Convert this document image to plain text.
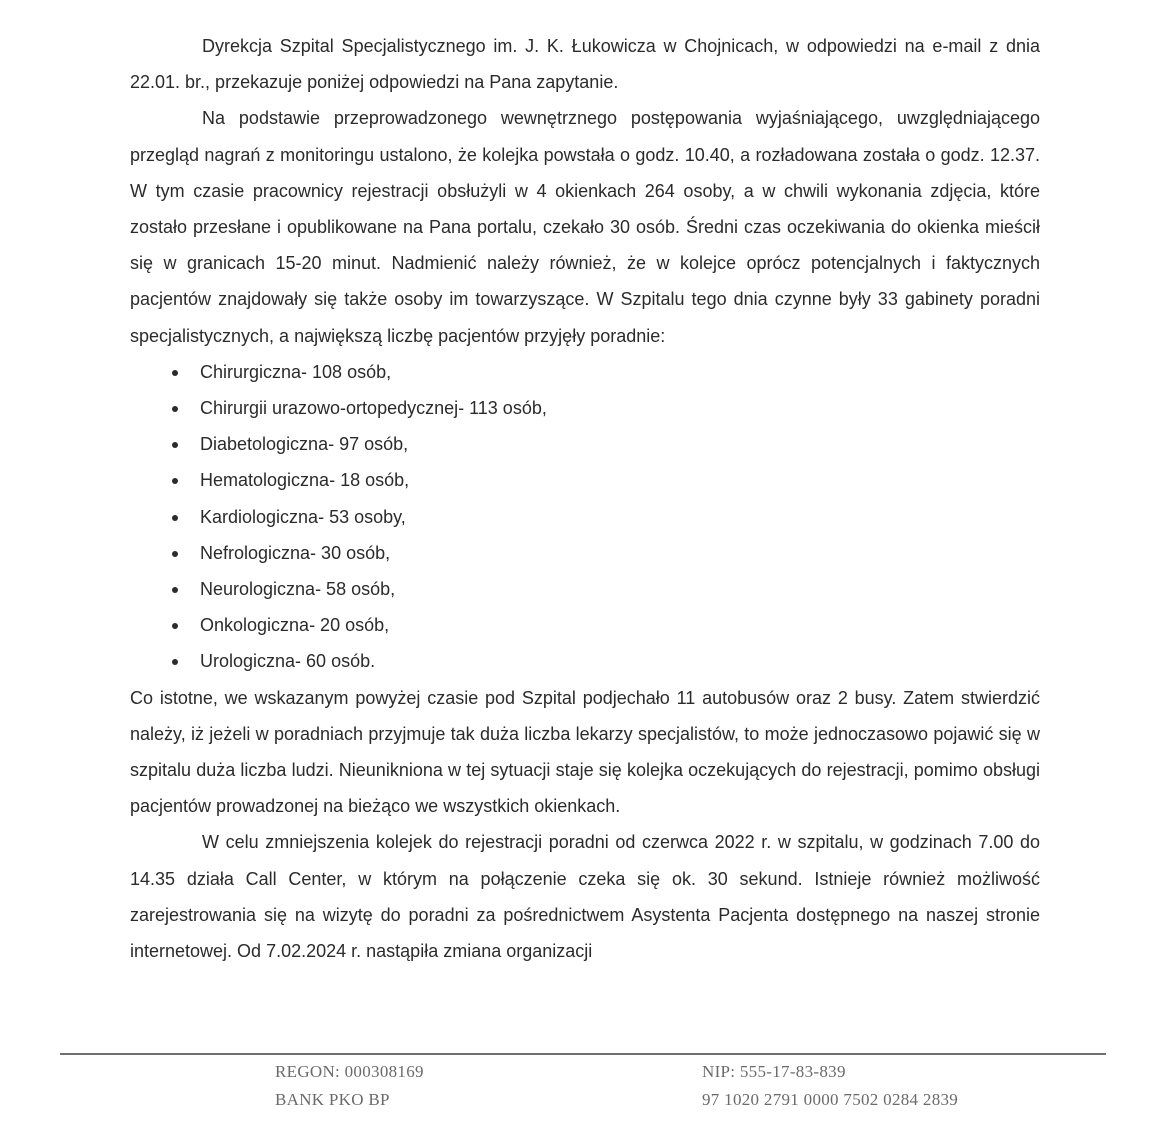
Dyrekcja Szpital Specjalistycznego im. J. K. Łukowicza w Chojnicach, w odpowiedzi na e-mail z dnia 22.01. br., przekazuje poniżej odpowiedzi na Pana zapytanie.

Na podstawie przeprowadzonego wewnętrznego postępowania wyjaśniającego, uwzględniającego przegląd nagrań z monitoringu ustalono, że kolejka powstała o godz. 10.40, a rozładowana została o godz. 12.37. W tym czasie pracownicy rejestracji obsłużyli w 4 okienkach 264 osoby, a w chwili wykonania zdjęcia, które zostało przesłane i opublikowane na Pana portalu, czekało 30 osób. Średni czas oczekiwania do okienka mieścił się w granicach 15-20 minut. Nadmienić należy również, że w kolejce oprócz potencjalnych i faktycznych pacjentów znajdowały się także osoby im towarzyszące. W Szpitalu tego dnia czynne były 33 gabinety poradni specjalistycznych, a największą liczbę pacjentów przyjęły poradnie:

Chirurgiczna- 108 osób,
Chirurgii urazowo-ortopedycznej- 113 osób,
Diabetologiczna- 97 osób,
Hematologiczna- 18 osób,
Kardiologiczna- 53 osoby,
Nefrologiczna- 30 osób,
Neurologiczna- 58 osób,
Onkologiczna- 20 osób,
Urologiczna- 60 osób.

Co istotne, we wskazanym powyżej czasie pod Szpital podjechało 11 autobusów oraz 2 busy. Zatem stwierdzić należy, iż jeżeli w poradniach przyjmuje tak duża liczba lekarzy specjalistów, to może jednoczasowo pojawić się w szpitalu duża liczba ludzi. Nieunikniona w tej sytuacji staje się kolejka oczekujących do rejestracji, pomimo obsługi pacjentów prowadzonej na bieżąco we wszystkich okienkach.

W celu zmniejszenia kolejek do rejestracji poradni od czerwca 2022 r. w szpitalu, w godzinach 7.00 do 14.35 działa Call Center, w którym na połączenie czeka się ok. 30 sekund. Istnieje również możliwość zarejestrowania się na wizytę do poradni za pośrednictwem Asystenta Pacjenta dostępnego na naszej stronie internetowej. Od 7.02.2024 r. nastąpiła zmiana organizacji

REGON: 000308169
BANK PKO BP
NIP: 555-17-83-839
97 1020 2791 0000 7502 0284 2839
